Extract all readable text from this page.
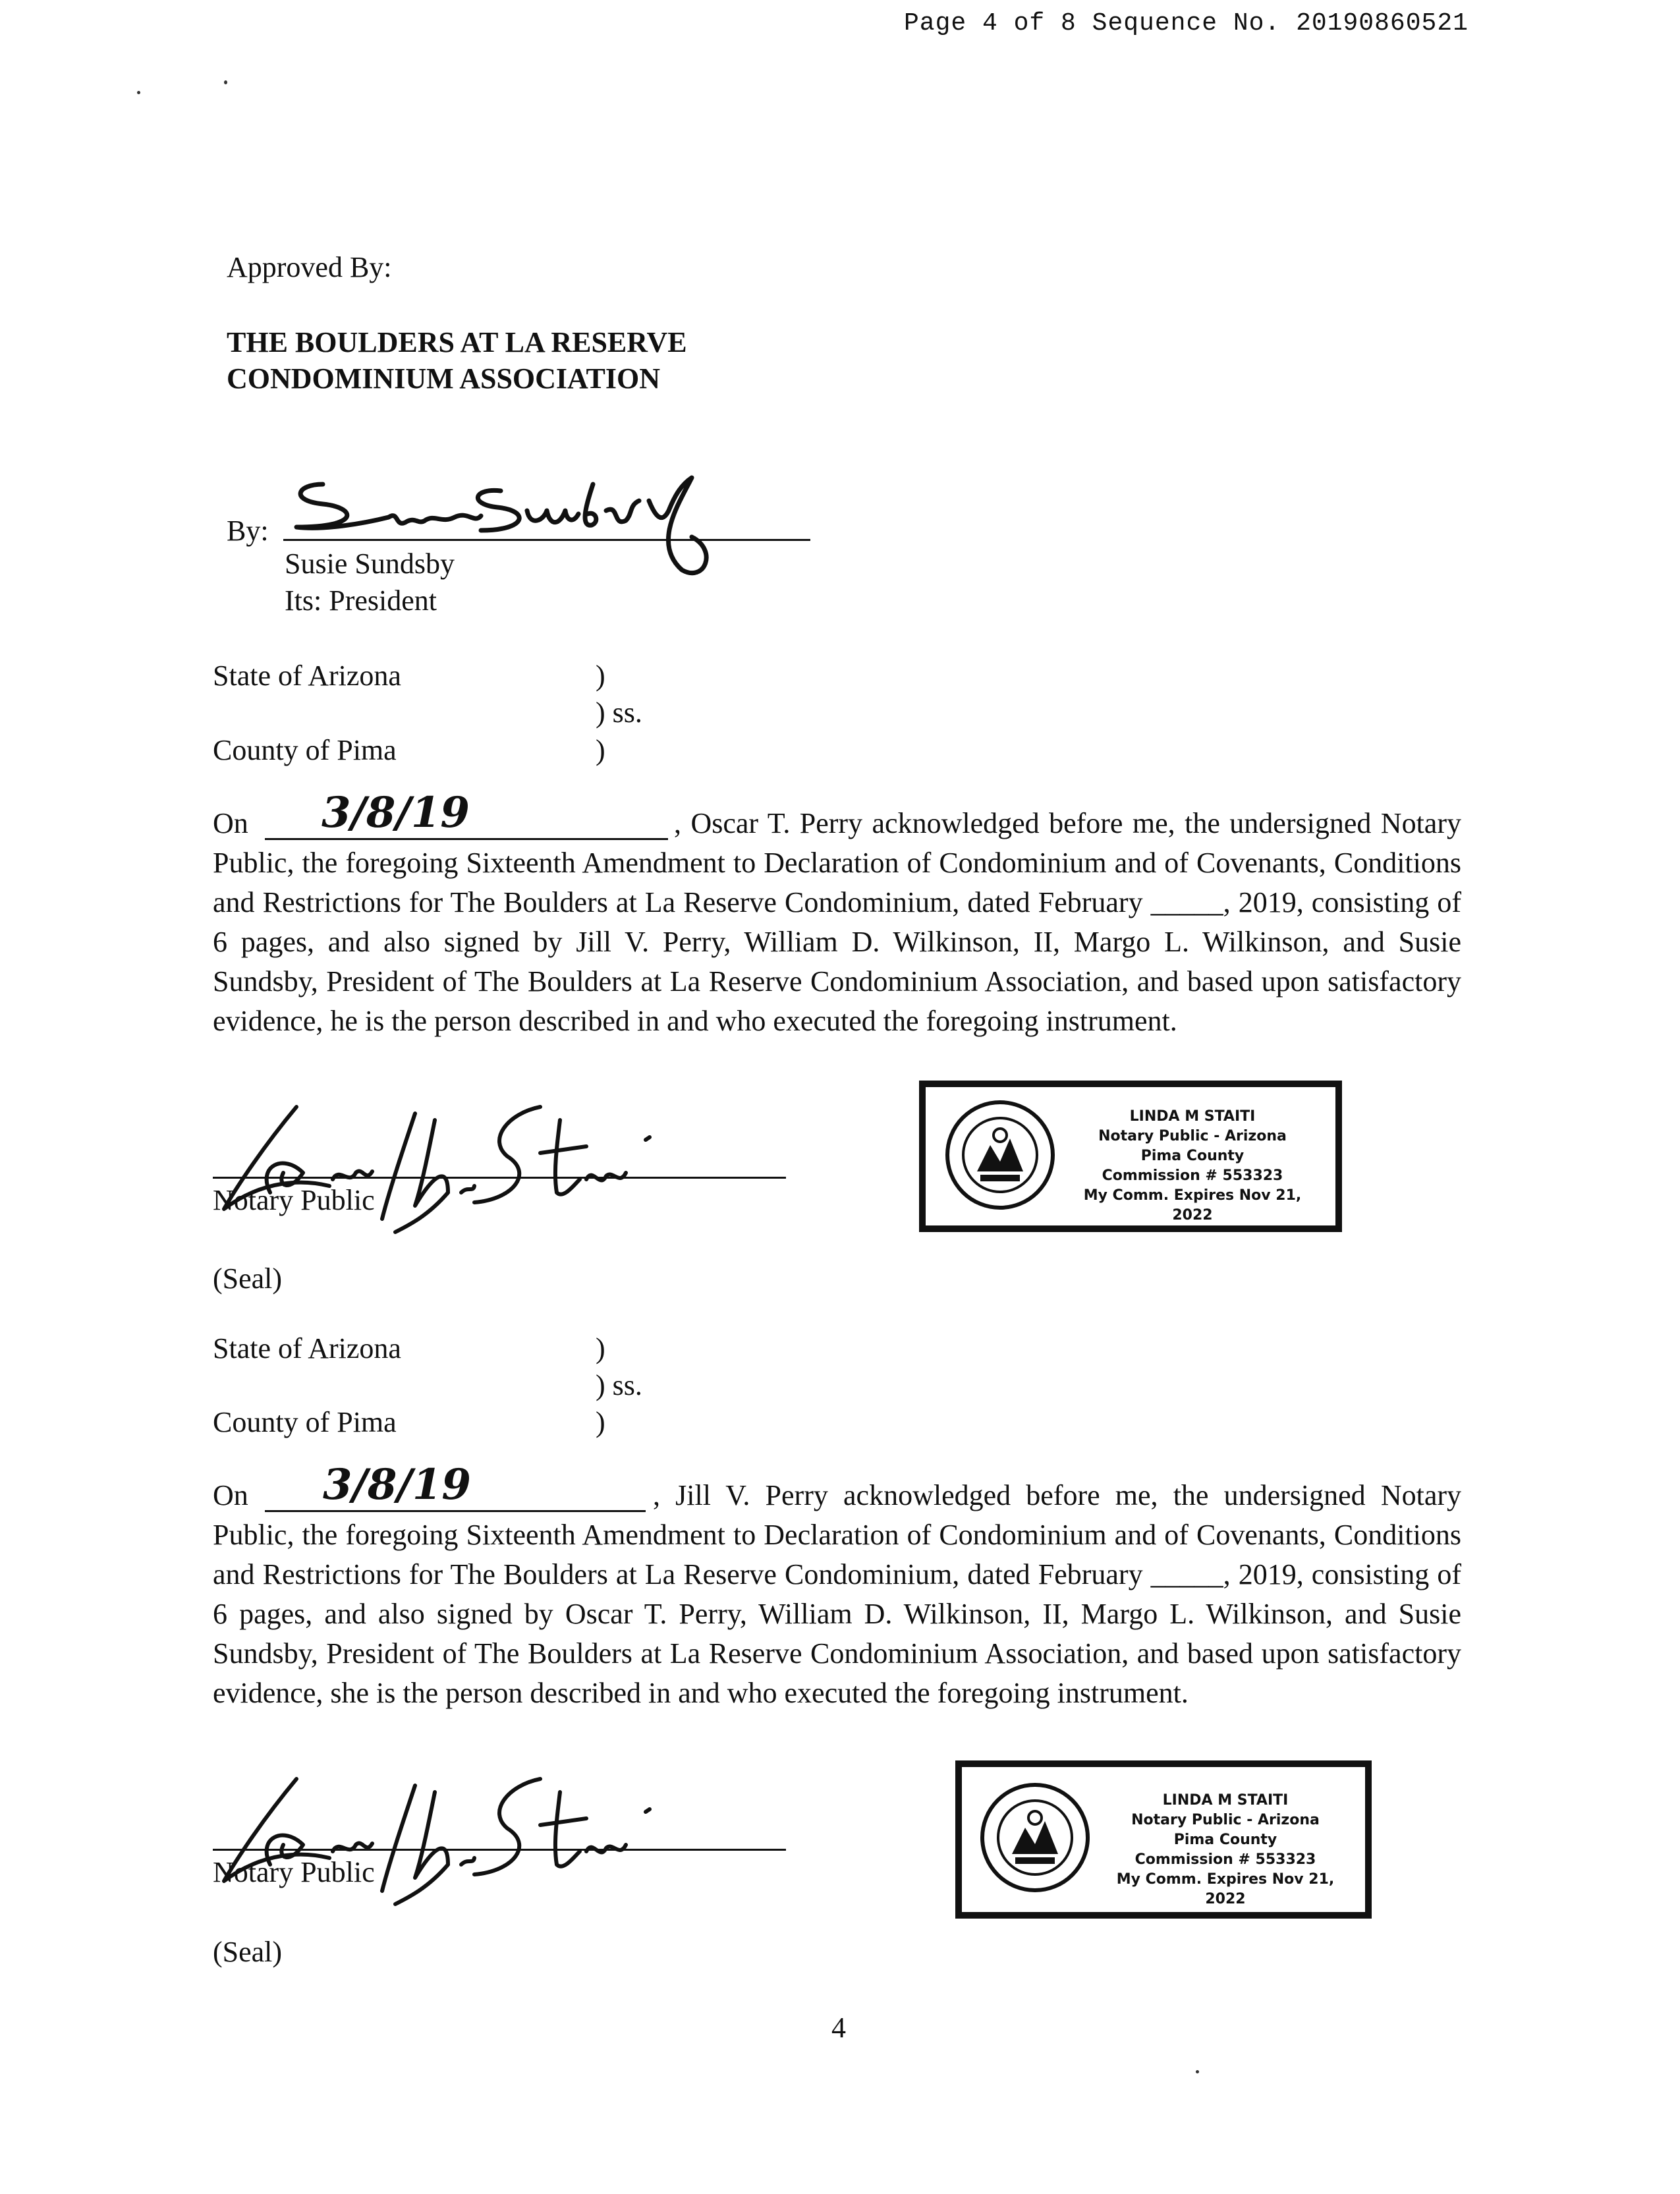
Page 4 of 8 Sequence No. 20190860521
Approved By:
THE BOULDERS AT LA RESERVE
CONDOMINIUM ASSOCIATION
By:
Susie Sundsby
Its: President
State of Arizona	)
) ss.
County of Pima	)
On 3/8/19	, Oscar T. Perry acknowledged before me, the undersigned Notary Public, the foregoing Sixteenth Amendment to Declaration of Condominium and of Covenants, Conditions and Restrictions for The Boulders at La Reserve Condominium, dated February _____, 2019, consisting of 6 pages, and also signed by Jill V. Perry, William D. Wilkinson, II, Margo L. Wilkinson, and Susie Sundsby, President of The Boulders at La Reserve Condominium Association, and based upon satisfactory evidence, he is the person described in and who executed the foregoing instrument.
Notary Public
(Seal)
LINDA M STAITI
Notary Public - Arizona
Pima County
Commission # 553323
My Comm. Expires Nov 21, 2022
State of Arizona	)
) ss.
County of Pima	)
On 3/8/19	, Jill V. Perry acknowledged before me, the undersigned Notary Public, the foregoing Sixteenth Amendment to Declaration of Condominium and of Covenants, Conditions and Restrictions for The Boulders at La Reserve Condominium, dated February _____, 2019, consisting of 6 pages, and also signed by Oscar T. Perry, William D. Wilkinson, II, Margo L. Wilkinson, and Susie Sundsby, President of The Boulders at La Reserve Condominium Association, and based upon satisfactory evidence, she is the person described in and who executed the foregoing instrument.
Notary Public
(Seal)
LINDA M STAITI
Notary Public - Arizona
Pima County
Commission # 553323
My Comm. Expires Nov 21, 2022
4
